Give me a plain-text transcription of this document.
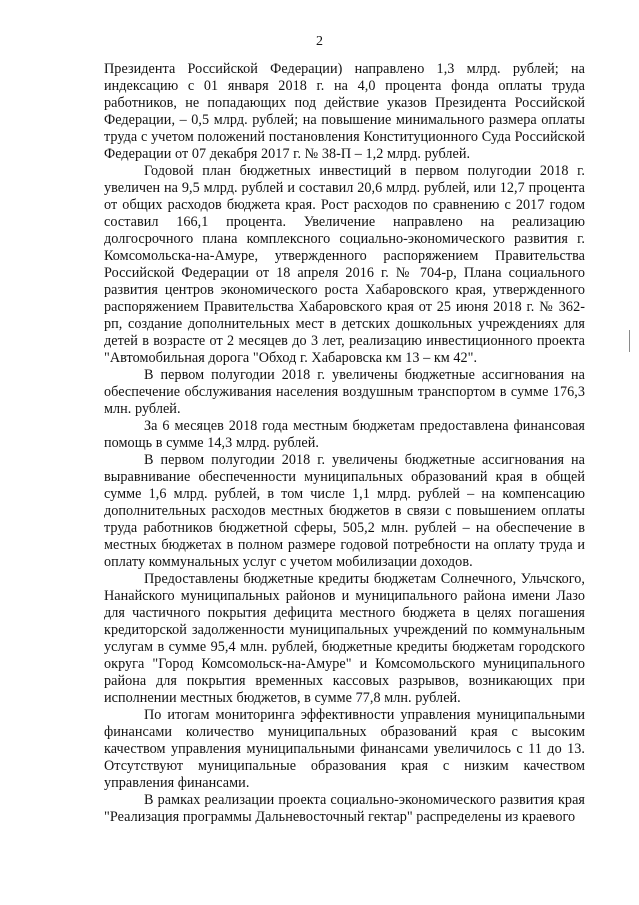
2

Президента Российской Федерации) направлено 1,3 млрд. рублей; на индексацию с 01 января 2018 г. на 4,0 процента фонда оплаты труда работников, не попадающих под действие указов Президента Российской Федерации, – 0,5 млрд. рублей; на повышение минимального размера оплаты труда с учетом положений постановления Конституционного Суда Российской Федерации от 07 декабря 2017 г. № 38-П – 1,2 млрд. рублей.

Годовой план бюджетных инвестиций в первом полугодии 2018 г. увеличен на 9,5 млрд. рублей и составил 20,6 млрд. рублей, или 12,7 процента от общих расходов бюджета края. Рост расходов по сравнению с 2017 годом составил 166,1 процента. Увеличение направлено на реализацию долгосрочного плана комплексного социально-экономического развития г. Комсомольска-на-Амуре, утвержденного распоряжением Правительства Российской Федерации от 18 апреля 2016 г. № 704-р, Плана социального развития центров экономического роста Хабаровского края, утвержденного распоряжением Правительства Хабаровского края от 25 июня 2018 г. № 362-рп, создание дополнительных мест в детских дошкольных учреждениях для детей в возрасте от 2 месяцев до 3 лет, реализацию инвестиционного проекта "Автомобильная дорога "Обход г. Хабаровска км 13 – км 42".

В первом полугодии 2018 г. увеличены бюджетные ассигнования на обеспечение обслуживания населения воздушным транспортом в сумме 176,3 млн. рублей.

За 6 месяцев 2018 года местным бюджетам предоставлена финансовая помощь в сумме 14,3 млрд. рублей.

В первом полугодии 2018 г. увеличены бюджетные ассигнования на выравнивание обеспеченности муниципальных образований края в общей сумме 1,6 млрд. рублей, в том числе 1,1 млрд. рублей – на компенсацию дополнительных расходов местных бюджетов в связи с повышением оплаты труда работников бюджетной сферы, 505,2 млн. рублей – на обеспечение в местных бюджетах в полном размере годовой потребности на оплату труда и оплату коммунальных услуг с учетом мобилизации доходов.

Предоставлены бюджетные кредиты бюджетам Солнечного, Ульчского, Нанайского муниципальных районов и муниципального района имени Лазо для частичного покрытия дефицита местного бюджета в целях погашения кредиторской задолженности муниципальных учреждений по коммунальным услугам в сумме 95,4 млн. рублей, бюджетные кредиты бюджетам городского округа "Город Комсомольск-на-Амуре" и Комсомольского муниципального района для покрытия временных кассовых разрывов, возникающих при исполнении местных бюджетов, в сумме 77,8 млн. рублей.

По итогам мониторинга эффективности управления муниципальными финансами количество муниципальных образований края с высоким качеством управления муниципальными финансами увеличилось с 11 до 13. Отсутствуют муниципальные образования края с низким качеством управления финансами.

В рамках реализации проекта социально-экономического развития края "Реализация программы Дальневосточный гектар" распределены из краевого
